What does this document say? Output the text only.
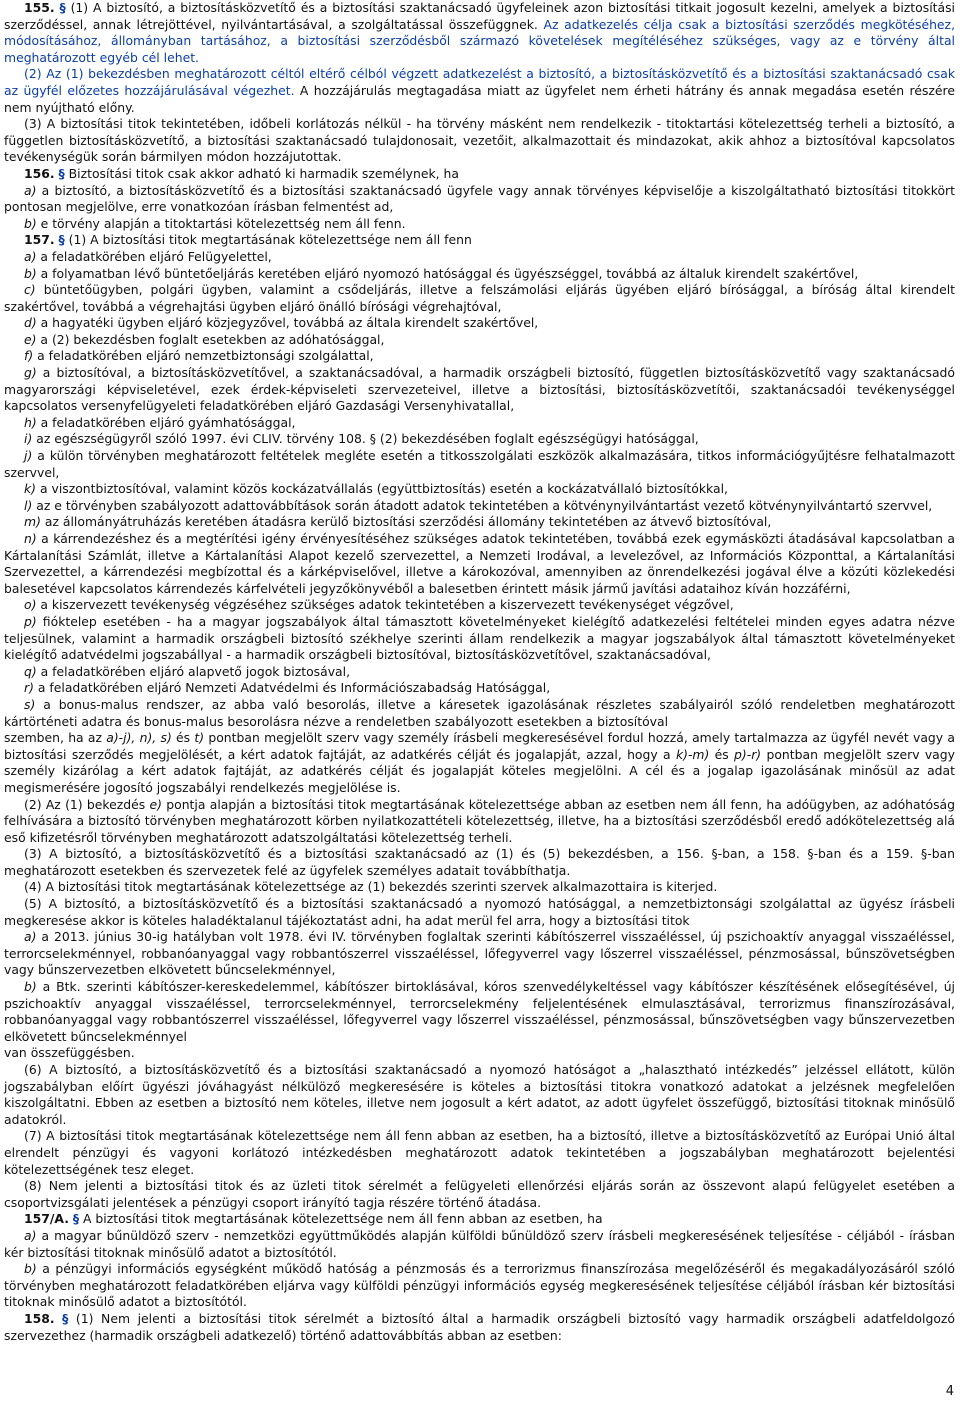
155. § (1) A biztosító, a biztosításközvetítő és a biztosítási szaktanácsadó ügyfeleinek azon biztosítási titkait jogosult kezelni, amelyek a biztosítási szerződéssel, annak létrejöttével, nyilvántartásával, a szolgáltatással összefüggnek. Az adatkezelés célja csak a biztosítási szerződés megkötéséhez, módosításához, állományban tartásához, a biztosítási szerződésből származó követelések megítéléséhez szükséges, vagy az e törvény által meghatározott egyéb cél lehet.

(2) Az (1) bekezdésben meghatározott céltól eltérő célból végzett adatkezelést a biztosító, a biztosításközvetítő és a biztosítási szaktanácsadó csak az ügyfél előzetes hozzájárulásával végezhet. A hozzájárulás megtagadása miatt az ügyfelet nem érheti hátrány és annak megadása esetén részére nem nyújtható előny.

(3) A biztosítási titok tekintetében, időbeli korlátozás nélkül - ha törvény másként nem rendelkezik - titoktartási kötelezettség terheli a biztosító, a független biztosításközvetítő, a biztosítási szaktanácsadó tulajdonosait, vezetőit, alkalmazottait és mindazokat, akik ahhoz a biztosítóval kapcsolatos tevékenységük során bármilyen módon hozzájutottak.

156. § Biztosítási titok csak akkor adható ki harmadik személynek, ha

a) a biztosító, a biztosításközvetítő és a biztosítási szaktanácsadó ügyfele vagy annak törvényes képviselője a kiszolgáltatható biztosítási titokkört pontosan megjelölve, erre vonatkozóan írásban felmentést ad,

b) e törvény alapján a titoktartási kötelezettség nem áll fenn.

157. § (1) A biztosítási titok megtartásának kötelezettsége nem áll fenn

a) a feladatkörében eljáró Felügyelettel,

b) a folyamatban lévő büntetőeljárás keretében eljáró nyomozó hatósággal és ügyészséggel, továbbá az általuk kirendelt szakértővel,

c) büntetőügyben, polgári ügyben, valamint a csődeljárás, illetve a felszámolási eljárás ügyében eljáró bírósággal, a bíróság által kirendelt szakértővel, továbbá a végrehajtási ügyben eljáró önálló bírósági végrehajtóval,

d) a hagyatéki ügyben eljáró közjegyzővel, továbbá az általa kirendelt szakértővel,

e) a (2) bekezdésben foglalt esetekben az adóhatósággal,

f) a feladatkörében eljáró nemzetbiztonsági szolgálattal,

g) a biztosítóval, a biztosításközvetítővel, a szaktanácsadóval, a harmadik országbeli biztosító, független biztosításközvetítő vagy szaktanácsadó magyarországi képviseletével, ezek érdek-képviseleti szervezeteivel, illetve a biztosítási, biztosításközvetítői, szaktanácsadói tevékenységgel kapcsolatos versenyfelügyeleti feladatkörében eljáró Gazdasági Versenyhivatallal,

h) a feladatkörében eljáró gyámhatósággal,

i) az egészségügyről szóló 1997. évi CLIV. törvény 108. § (2) bekezdésében foglalt egészségügyi hatósággal,

j) a külön törvényben meghatározott feltételek megléte esetén a titkosszolgálati eszközök alkalmazására, titkos információgyűjtésre felhatalmazott szervvel,

k) a viszontbiztosítóval, valamint közös kockázatvállalás (együttbiztosítás) esetén a kockázatvállaló biztosítókkal,

l) az e törvényben szabályozott adattovábbítások során átadott adatok tekintetében a kötvénynyilvántartást vezető kötvénynyilvántartó szervvel,

m) az állományátruházás keretében átadásra kerülő biztosítási szerződési állomány tekintetében az átvevő biztosítóval,

n) a kárrendezéshez és a megtérítési igény érvényesítéséhez szükséges adatok tekintetében, továbbá ezek egymásközti átadásával kapcsolatban a Kártalanítási Számlát, illetve a Kártalanítási Alapot kezelő szervezettel, a Nemzeti Irodával, a levelezővel, az Információs Központtal, a Kártalanítási Szervezettel, a kárrendezési megbízottal és a kárképviselővel, illetve a károkozóval, amennyiben az önrendelkezési jogával élve a közúti közlekedési balesetével kapcsolatos kárrendezés kárfelvételi jegyzőkönyvéből a balesetben érintett másik jármű javítási adataihoz kíván hozzáférni,

o) a kiszervezett tevékenység végzéséhez szükséges adatok tekintetében a kiszervezett tevékenységet végzővel,

p) fióktelep esetében - ha a magyar jogszabályok által támasztott követelményeket kielégítő adatkezelési feltételei minden egyes adatra nézve teljesülnek, valamint a harmadik országbeli biztosító székhelye szerinti állam rendelkezik a magyar jogszabályok által támasztott követelményeket kielégítő adatvédelmi jogszabállyal - a harmadik országbeli biztosítóval, biztosításközvetítővel, szaktanácsadóval,

q) a feladatkörében eljáró alapvető jogok biztosával,

r) a feladatkörében eljáró Nemzeti Adatvédelmi és Információszabadság Hatósággal,

s) a bonus-malus rendszer, az abba való besorolás, illetve a káresetek igazolásának részletes szabályairól szóló rendeletben meghatározott kártörténeti adatra és bonus-malus besorolásra nézve a rendeletben szabályozott esetekben a biztosítóval

szemben, ha az a)-j), n), s) és t) pontban megjelölt szerv vagy személy írásbeli megkeresésével fordul hozzá, amely tartalmazza az ügyfél nevét vagy a biztosítási szerződés megjelölését, a kért adatok fajtáját, az adatkérés célját és jogalapját, azzal, hogy a k)-m) és p)-r) pontban megjelölt szerv vagy személy kizárólag a kért adatok fajtáját, az adatkérés célját és jogalapját köteles megjelölni. A cél és a jogalap igazolásának minősül az adat megismerésére jogosító jogszabályi rendelkezés megjelölése is.

(2) Az (1) bekezdés e) pontja alapján a biztosítási titok megtartásának kötelezettsége abban az esetben nem áll fenn, ha adóügyben, az adóhatóság felhívására a biztosító törvényben meghatározott körben nyilatkozattételi kötelezettség, illetve, ha a biztosítási szerződésből eredő adókötelezettség alá eső kifizetésről törvényben meghatározott adatszolgáltatási kötelezettség terheli.

(3) A biztosító, a biztosításközvetítő és a biztosítási szaktanácsadó az (1) és (5) bekezdésben, a 156. §-ban, a 158. §-ban és a 159. §-ban meghatározott esetekben és szervezetek felé az ügyfelek személyes adatait továbbíthatja.

(4) A biztosítási titok megtartásának kötelezettsége az (1) bekezdés szerinti szervek alkalmazottaira is kiterjed.

(5) A biztosító, a biztosításközvetítő és a biztosítási szaktanácsadó a nyomozó hatósággal, a nemzetbiztonsági szolgálattal az ügyész írásbeli megkeresése akkor is köteles haladéktalanul tájékoztatást adni, ha adat merül fel arra, hogy a biztosítási titok

a) a 2013. június 30-ig hatályban volt 1978. évi IV. törvényben foglaltak szerinti kábítószerrel visszaéléssel, új pszichoaktív anyaggal visszaéléssel, terrorcselekménnyel, robbanóanyaggal vagy robbantószerrel visszaéléssel, lőfegyverrel vagy lőszerrel visszaéléssel, pénzmosással, bűnszövetségben vagy bűnszervezetben elkövetett bűncselekménnyel,

b) a Btk. szerinti kábítószer-kereskedelemmel, kábítószer birtoklásával, kóros szenvedélykeltéssel vagy kábítószer készítésének elősegítésével, új pszichoaktív anyaggal visszaéléssel, terrorcselekménnyel, terrorcselekmény feljelentésének elmulasztásával, terrorizmus finanszírozásával, robbanóanyaggal vagy robbantószerrel visszaéléssel, lőfegyverrel vagy lőszerrel visszaéléssel, pénzmosással, bűnszövetségben vagy bűnszervezetben elkövetett bűncselekménnyel

van összefüggésben.

(6) A biztosító, a biztosításközvetítő és a biztosítási szaktanácsadó a nyomozó hatóságot a „halasztható intézkedés” jelzéssel ellátott, külön jogszabályban előírt ügyészi jóváhagyást nélkülöző megkeresésére is köteles a biztosítási titokra vonatkozó adatokat a jelzésnek megfelelően kiszolgáltatni. Ebben az esetben a biztosító nem köteles, illetve nem jogosult a kért adatot, az adott ügyfelet összefüggő, biztosítási titoknak minősülő adatokról.

(7) A biztosítási titok megtartásának kötelezettsége nem áll fenn abban az esetben, ha a biztosító, illetve a biztosításközvetítő az Európai Unió által elrendelt pénzügyi és vagyoni korlátozó intézkedésben meghatározott adatok tekintetében a jogszabályban meghatározott bejelentési kötelezettségének tesz eleget.

(8) Nem jelenti a biztosítási titok és az üzleti titok sérelmét a felügyeleti ellenőrzési eljárás során az összevont alapú felügyelet esetében a csoportvizsgálati jelentések a pénzügyi csoport irányító tagja részére történő átadása.

157/A. § A biztosítási titok megtartásának kötelezettsége nem áll fenn abban az esetben, ha

a) a magyar bűnüldöző szerv - nemzetközi együttműködés alapján külföldi bűnüldöző szerv írásbeli megkeresésének teljesítése - céljából - írásban kér biztosítási titoknak minősülő adatot a biztosítótól.

b) a pénzügyi információs egységként működő hatóság a pénzmosás és a terrorizmus finanszírozása megelőzéséről és megakadályozásáról szóló törvényben meghatározott feladatkörében eljárva vagy külföldi pénzügyi információs egység megkeresésének teljesítése céljából írásban kér biztosítási titoknak minősülő adatot a biztosítótól.

158. § (1) Nem jelenti a biztosítási titok sérelmét a biztosító által a harmadik országbeli biztosító vagy harmadik országbeli adatfeldolgozó szervezethez (harmadik országbeli adatkezelő) történő adattovábbítás abban az esetben:

4
